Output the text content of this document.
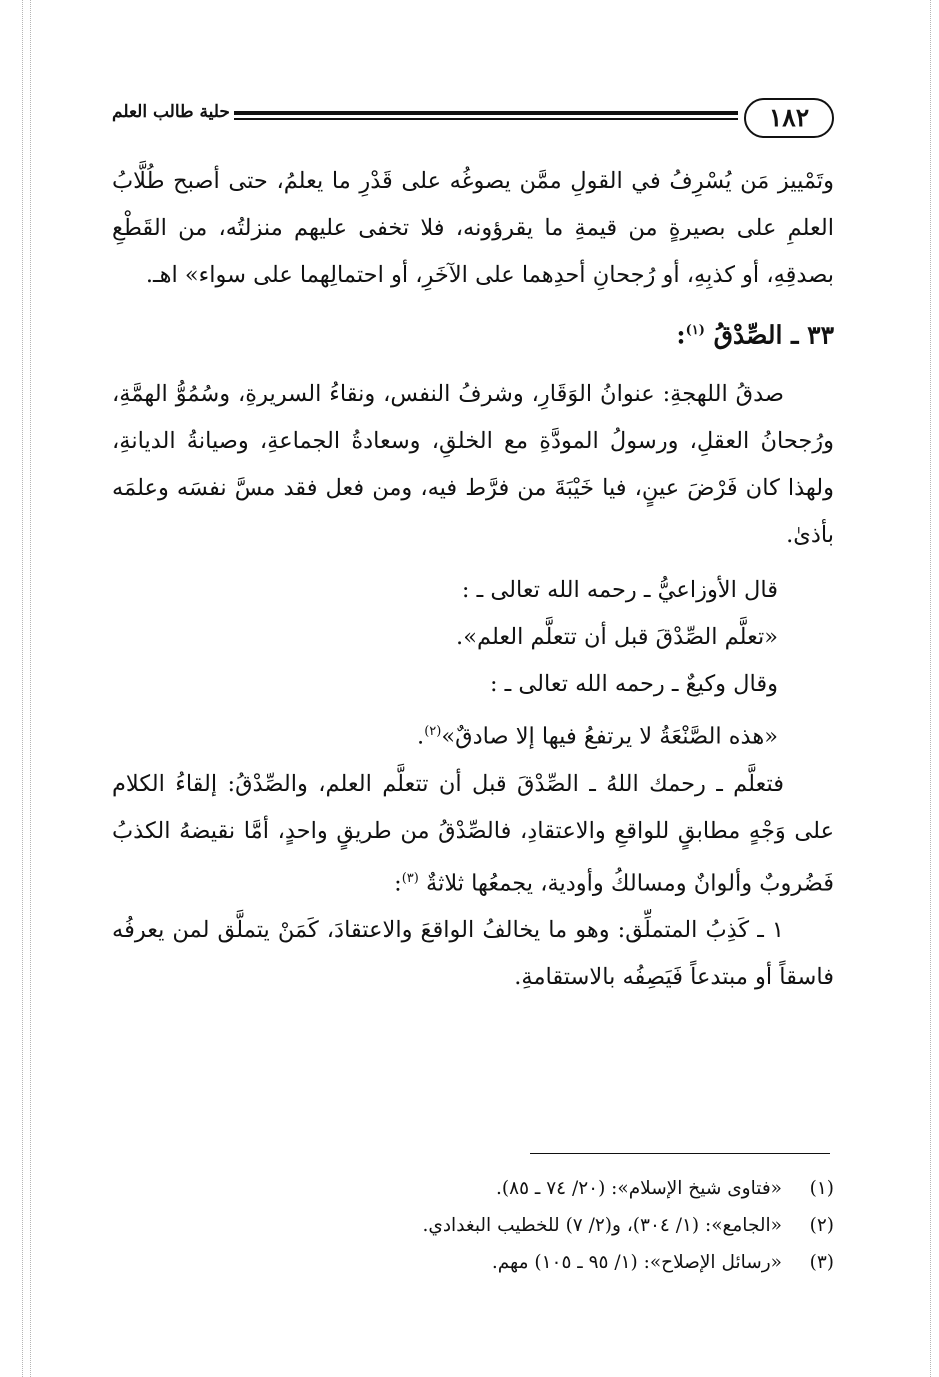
١٨٢
حلية طالب العلم

وتَمْييز مَن يُسْرِفُ في القولِ ممَّن يصوغُه على قَدْرِ ما يعلمُ، حتى أصبح طُلَّابُ العلمِ على بصيرةٍ من قيمةِ ما يقرؤونه، فلا تخفى عليهم منزلتُه، من القَطْعِ بصدقِهِ، أو كذبِهِ، أو رُجحانِ أحدِهما على الآخَرِ، أو احتمالِهما على سواء» اهـ.

٣٣ ـ الصِّدْقُ $^{(١)}$:

صدقُ اللهجةِ: عنوانُ الوَقَارِ، وشرفُ النفس، ونقاءُ السريرةِ، وسُمُوُّ الهمَّةِ، ورُجحانُ العقلِ، ورسولُ المودَّةِ مع الخلقِ، وسعادةُ الجماعةِ، وصيانةُ الديانةِ، ولهذا كان فَرْضَ عينٍ، فيا خَيْبَةَ من فرَّط فيه، ومن فعل فقد مسَّ نفسَه وعلمَه بأذىٰ.

قال الأوزاعيُّ ـ رحمه الله تعالى ـ :

«تعلَّم الصِّدْقَ قبل أن تتعلَّم العلم».

وقال وكيعٌ ـ رحمه الله تعالى ـ :

«هذه الصَّنْعَةُ لا يرتفعُ فيها إلا صادقٌ»$^{(٢)}$.

فتعلَّم ـ رحمك اللهُ ـ الصِّدْقَ قبل أن تتعلَّم العلم، والصِّدْقُ: إلقاءُ الكلام على وَجْهٍ مطابقٍ للواقعِ والاعتقادِ، فالصِّدْقُ من طريقٍ واحدٍ، أمَّا نقيضهُ الكذبُ فَضُروبٌ وألوانٌ ومسالكُ وأودية، يجمعُها ثلاثةٌ $^{(٣)}$:

١ ـ كَذِبُ المتملِّق: وهو ما يخالفُ الواقعَ والاعتقادَ، كَمَنْ يتملَّق لمن يعرفُه فاسقاً أو مبتدعاً فَيَصِفُه بالاستقامةِ.

(١)«فتاوى شيخ الإسلام»: (٢٠/ ٧٤ ـ ٨٥).
(٢)«الجامع»: (١/ ٣٠٤)، و(٢/ ٧) للخطيب البغدادي.
(٣)«رسائل الإصلاح»: (١/ ٩٥ ـ ١٠٥) مهم.
